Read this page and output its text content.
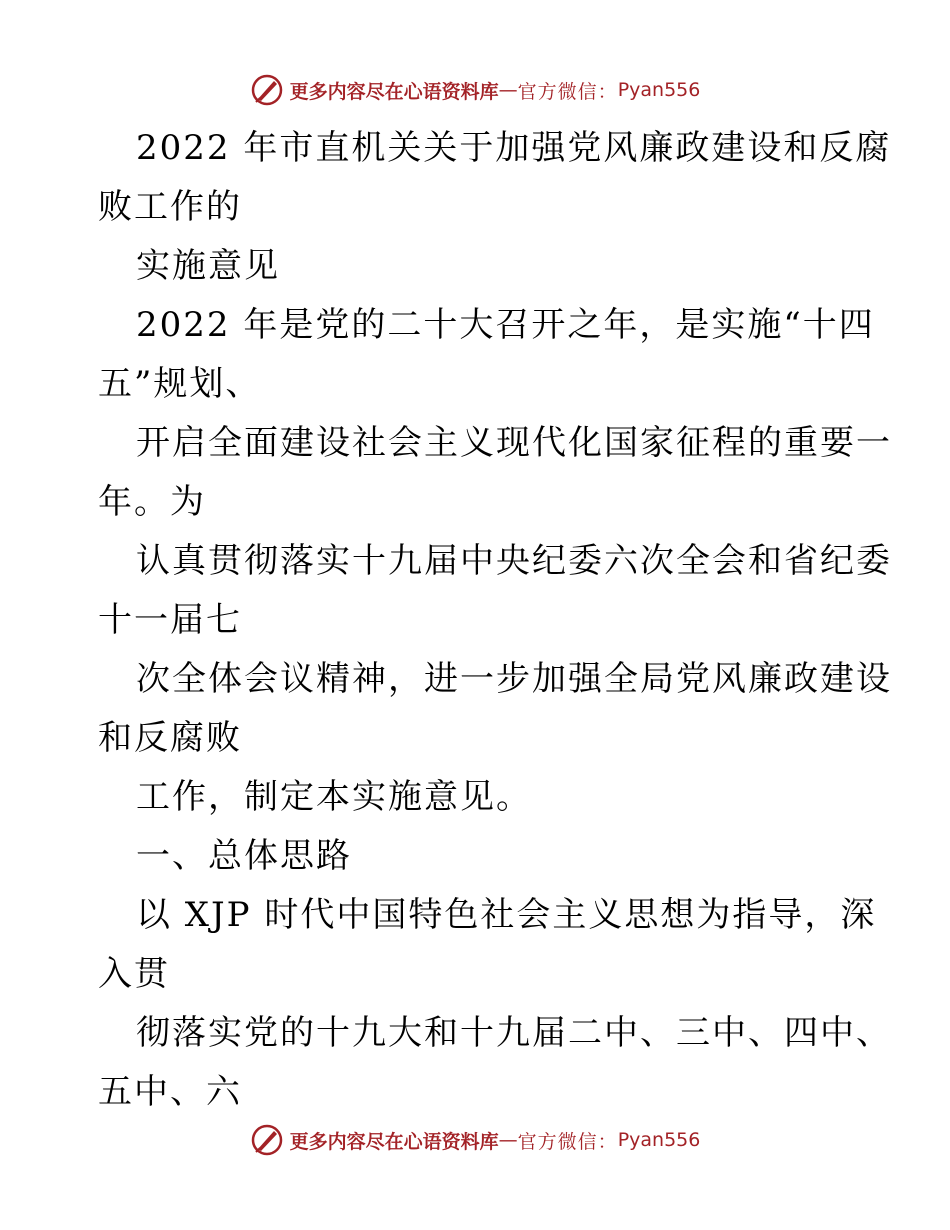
更多内容尽在心语资料库 — 官方微信： Pyan556
2022 年市直机关关于加强党风廉政建设和反腐
败工作的
实施意见
2022 年是党的二十大召开之年，是实施“十四
五”规划、
开启全面建设社会主义现代化国家征程的重要一
年。为
认真贯彻落实十九届中央纪委六次全会和省纪委
十一届七
次全体会议精神，进一步加强全局党风廉政建设
和反腐败
工作，制定本实施意见。
一、总体思路
以 XJP 时代中国特色社会主义思想为指导，深
入贯
彻落实党的十九大和十九届二中、三中、四中、
五中、六
更多内容尽在心语资料库 — 官方微信： Pyan556
